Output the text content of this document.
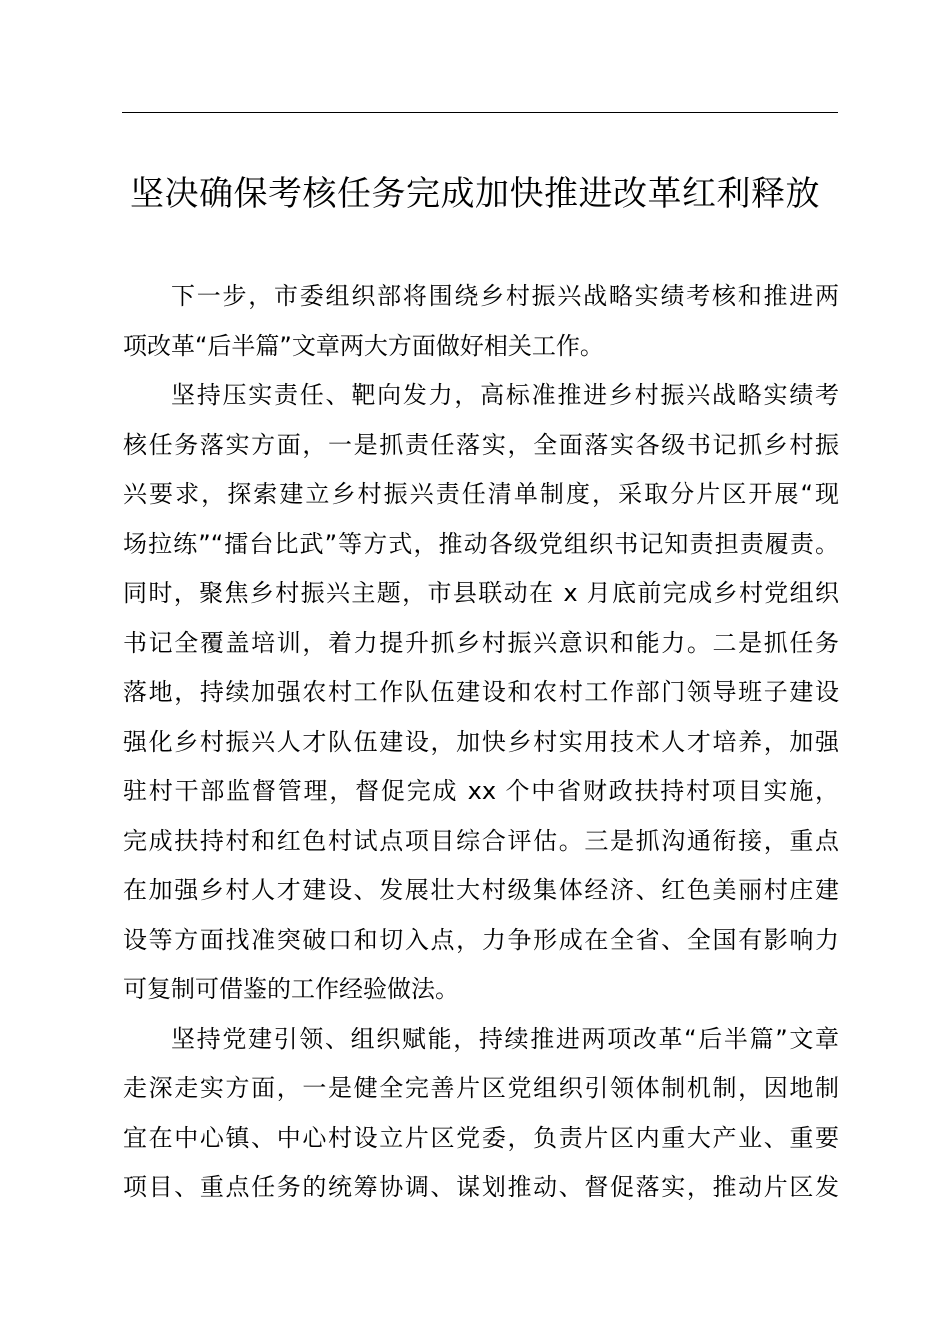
坚决确保考核任务完成加快推进改革红利释放
下一步，市委组织部将围绕乡村振兴战略实绩考核和推进两
项改革“后半篇”文章两大方面做好相关工作。
坚持压实责任、靶向发力，高标准推进乡村振兴战略实绩考
核任务落实方面，一是抓责任落实，全面落实各级书记抓乡村振
兴要求，探索建立乡村振兴责任清单制度，采取分片区开展“现
场拉练”“擂台比武”等方式，推动各级党组织书记知责担责履责。
同时，聚焦乡村振兴主题，市县联动在 x 月底前完成乡村党组织
书记全覆盖培训，着力提升抓乡村振兴意识和能力。二是抓任务
落地，持续加强农村工作队伍建设和农村工作部门领导班子建设
强化乡村振兴人才队伍建设，加快乡村实用技术人才培养，加强
驻村干部监督管理，督促完成 xx 个中省财政扶持村项目实施，
完成扶持村和红色村试点项目综合评估。三是抓沟通衔接，重点
在加强乡村人才建设、发展壮大村级集体经济、红色美丽村庄建
设等方面找准突破口和切入点，力争形成在全省、全国有影响力
可复制可借鉴的工作经验做法。
坚持党建引领、组织赋能，持续推进两项改革“后半篇”文章
走深走实方面，一是健全完善片区党组织引领体制机制，因地制
宜在中心镇、中心村设立片区党委，负责片区内重大产业、重要
项目、重点任务的统筹协调、谋划推动、督促落实，推动片区发
